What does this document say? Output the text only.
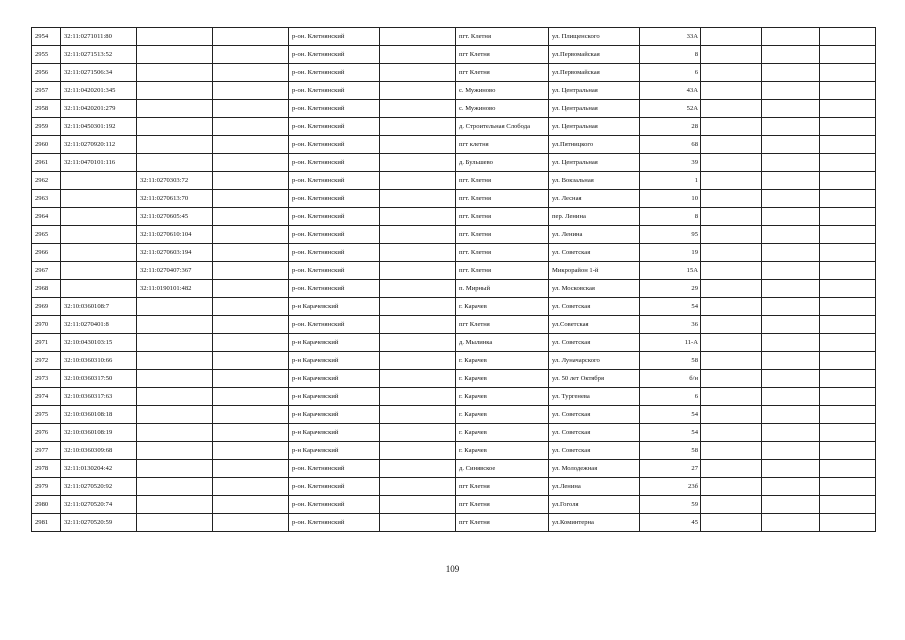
2954	32:11:0271011:80			р-он. Клетнянский		пгт. Клетня	ул. Плищенского	33А			
2955	32:11:0271513:52			р-он. Клетнянский		пгт Клетня	ул.Первомайская	8			
2956	32:11:0271506:34			р-он. Клетнянский		пгт Клетня	ул.Первомайская	6			
2957	32:11:0420201:345			р-он. Клетнянский		с. Мужиново	ул. Центральная	43А			
2958	32:11:0420201:279			р-он. Клетнянский		с. Мужиново	ул. Центральная	52А			
2959	32:11:0450301:192			р-он. Клетнянский		д. Строительная Слобода	ул. Центральная	28			
2960	32:11:0270920:112			р-он. Клетнянский		пгт клетня	ул.Пятницкого	68			
2961	32:11:0470101:116			р-он. Клетнянский		д. Бульшево	ул. Центральная	39			
2962		32:11:0270303:72		р-он. Клетнянский		пгт. Клетня	ул. Вокзальная	1			
2963		32:11:0270613:70		р-он. Клетнянский		пгт. Клетня	ул. Лесная	10			
2964		32:11:0270605:45		р-он. Клетнянский		пгт. Клетня	пер. Ленина	8			
2965		32:11:0270610:104		р-он. Клетнянский		пгт. Клетня	ул. Ленина	95			
2966		32:11:0270603:194		р-он. Клетнянский		пгт. Клетня	ул. Советская	19			
2967		32:11:0270407:367		р-он. Клетнянский		пгт. Клетня	Микрорайон 1-й	15А			
2968		32:11:0190101:482		р-он. Клетнянский		п. Мирный	ул. Московская	29			
2969	32:10:0360108:7			р-н Карачевский		г. Карачев	ул. Советская	54			
2970	32:11:0270401:8			р-он. Клетнянский		пгт Клетня	ул.Советская	36			
2971	32:10:0430103:15			р-н Карачевский		д. Мылинка	ул. Советская	11-А			
2972	32:10:0360310:66			р-н Карачевский		г. Карачев	ул. Луначарского	58			
2973	32:10:0360317:50			р-н Карачевский		г. Карачев	ул. 50 лет Октября	б/н			
2974	32:10:0360317:63			р-н Карачевский		г. Карачев	ул. Тургенева	6			
2975	32:10:0360108:18			р-н Карачевский		г. Карачев	ул. Советская	54			
2976	32:10:0360108:19			р-н Карачевский		г. Карачев	ул. Советская	54			
2977	32:10:0360309:68			р-н Карачевский		г. Карачев	ул. Советская	58			
2978	32:11:0130204:42			р-он. Клетнянский		д. Синявское	ул. Молодежная	27			
2979	32:11:0270520:92			р-он. Клетнянский		пгт Клетня	ул.Ленина	23б			
2980	32:11:0270520:74			р-он. Клетнянский		пгт Клетня	ул.Гоголя	59			
2981	32:11:0270520:59			р-он. Клетнянский		пгт Клетня	ул.Коминтерна	45			
109
